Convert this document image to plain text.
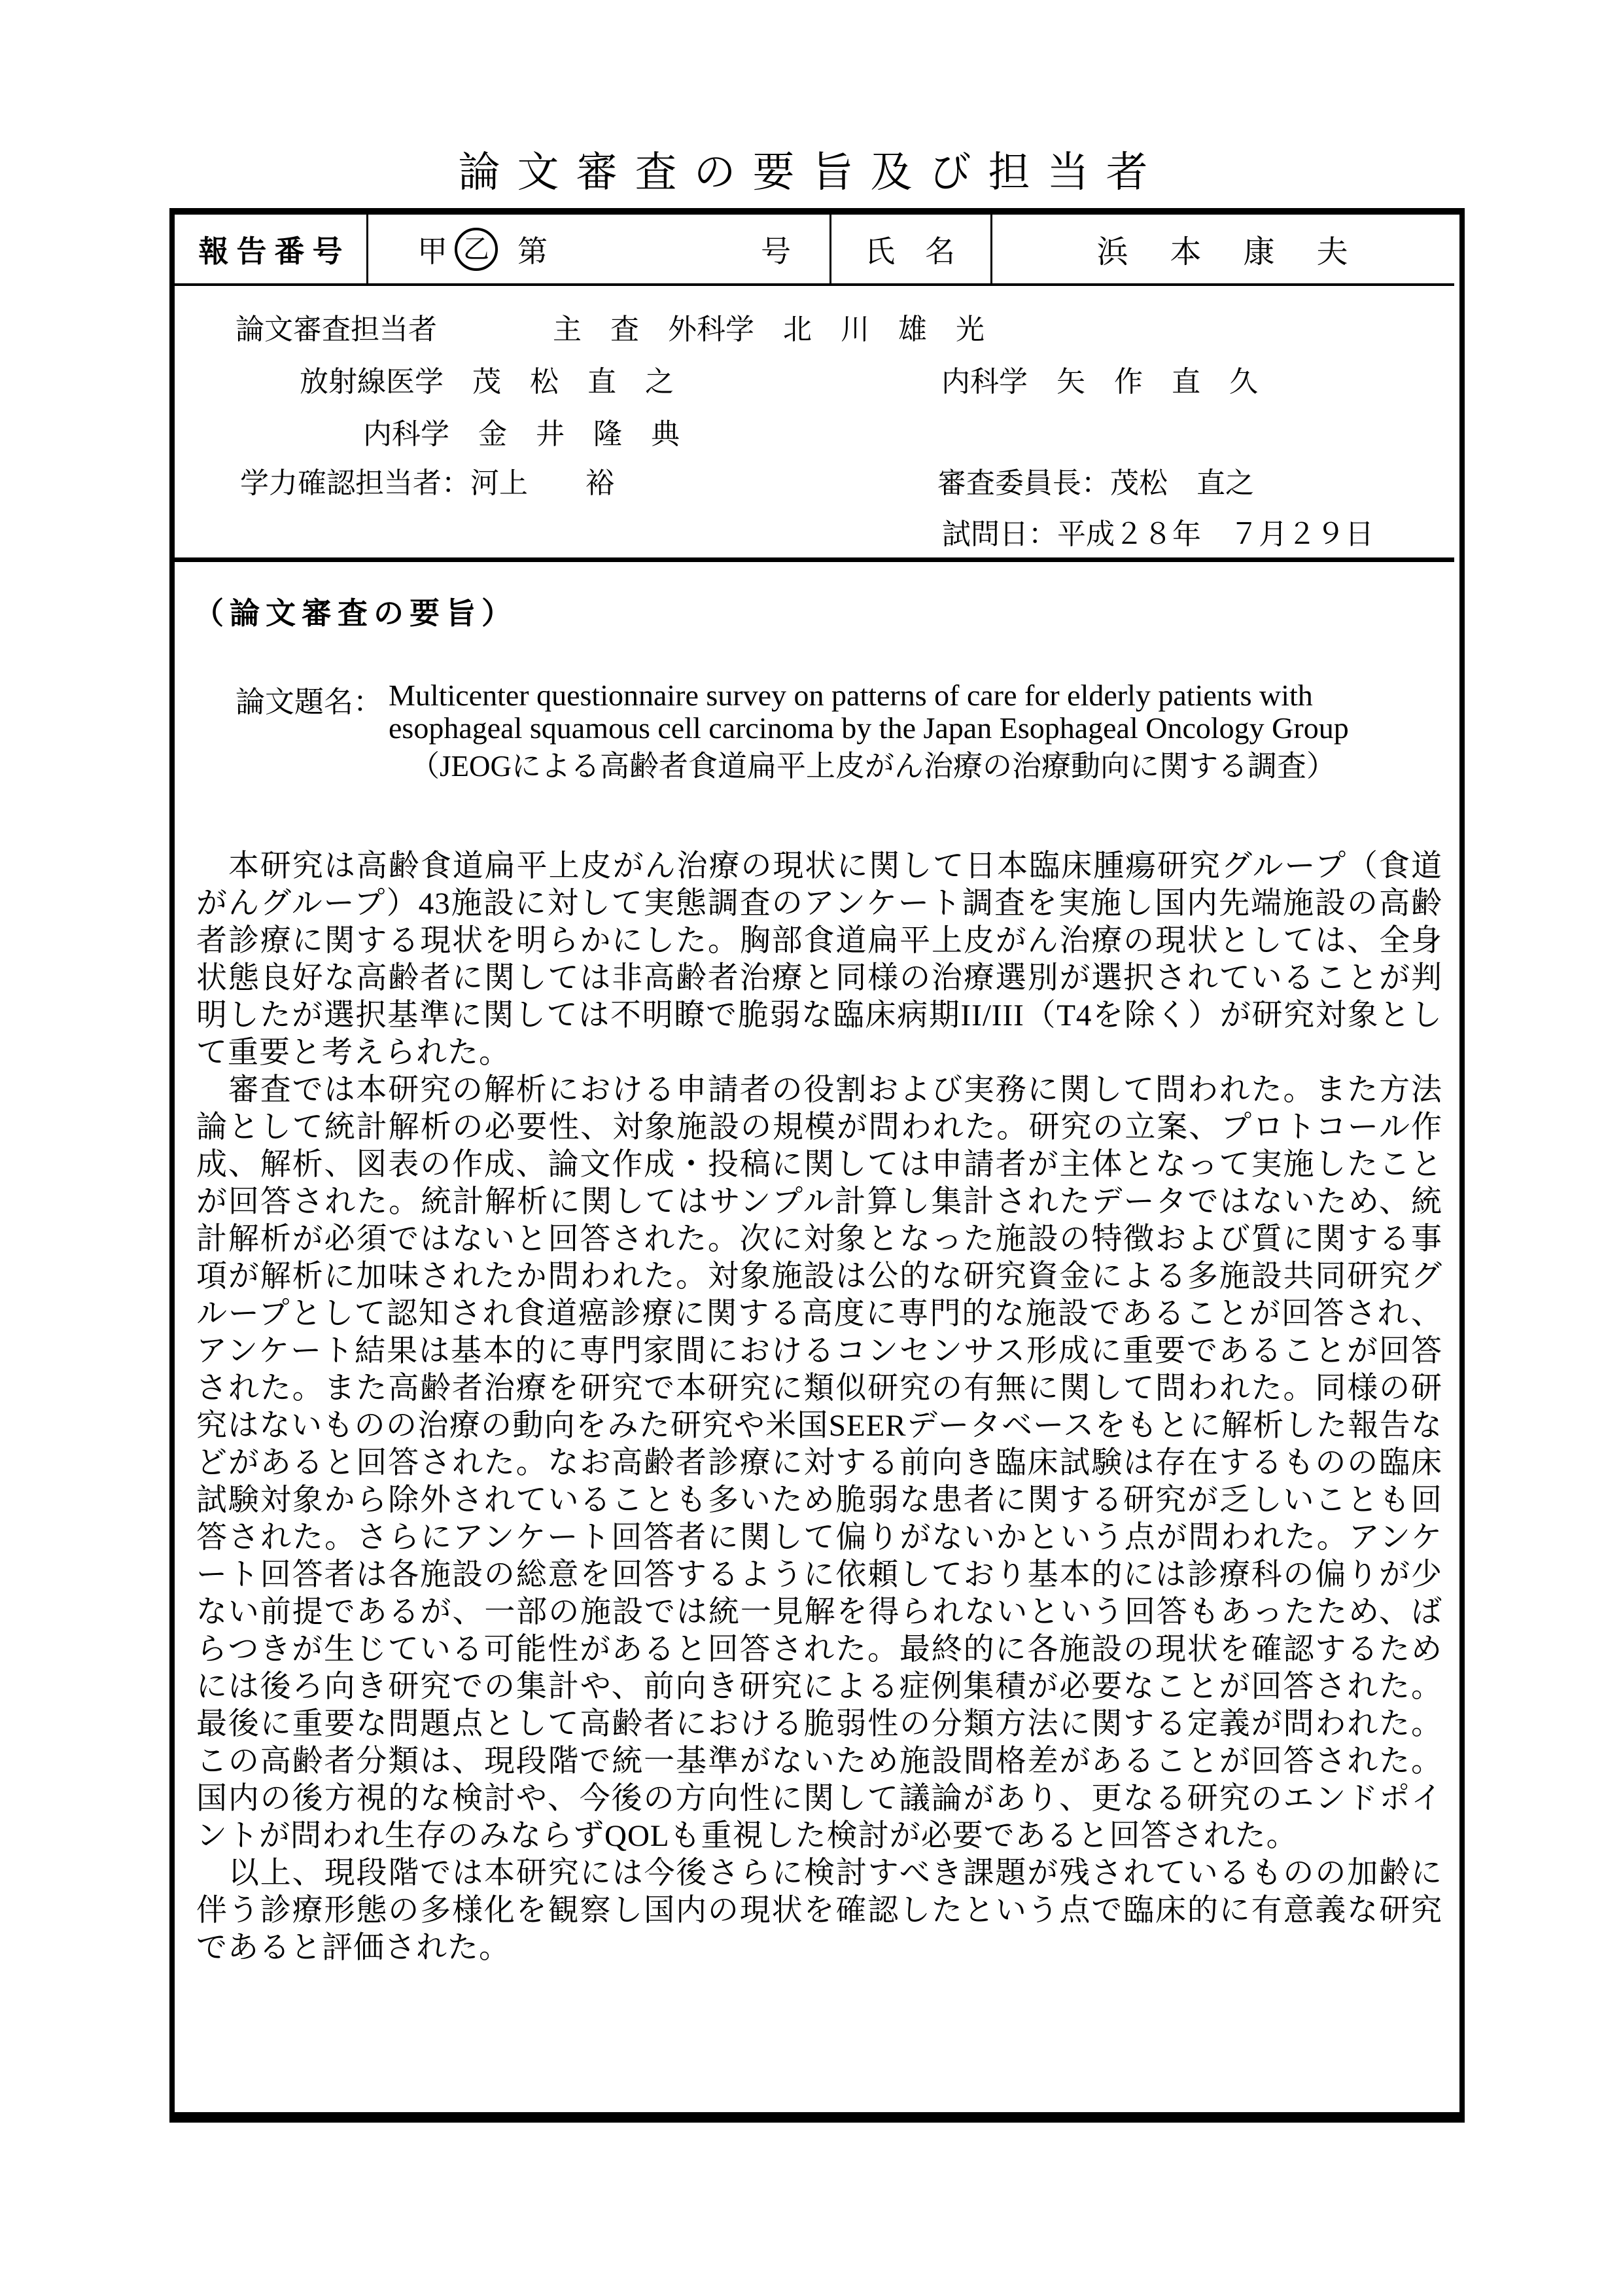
論文審査の要旨及び担当者
報告番号	甲 乙 第	号	氏名	浜本康夫
論文審査担当者	主　査　外科学　北　川　雄　光
放射線医学　茂　松　直　之	内科学　矢　作　直　久
内科学　金　井　隆　典
学力確認担当者：河上　　裕	審査委員長：茂松　直之
試問日：平成２８年　７月２９日
（論文審査の要旨）
論文題名： Multicenter questionnaire survey on patterns of care for elderly patients with
esophageal squamous cell carcinoma by the Japan Esophageal Oncology Group
（JEOGによる高齢者食道扁平上皮がん治療の治療動向に関する調査）

　本研究は高齢食道扁平上皮がん治療の現状に関して日本臨床腫瘍研究グループ（食道がんグループ）43施設に対して実態調査のアンケート調査を実施し国内先端施設の高齢者診療に関する現状を明らかにした。胸部食道扁平上皮がん治療の現状としては、全身状態良好な高齢者に関しては非高齢者治療と同様の治療選別が選択されていることが判明したが選択基準に関しては不明瞭で脆弱な臨床病期II/III（T4を除く）が研究対象として重要と考えられた。

　審査では本研究の解析における申請者の役割および実務に関して問われた。また方法論として統計解析の必要性、対象施設の規模が問われた。研究の立案、プロトコール作成、解析、図表の作成、論文作成・投稿に関しては申請者が主体となって実施したことが回答された。統計解析に関してはサンプル計算し集計されたデータではないため、統計解析が必須ではないと回答された。次に対象となった施設の特徴および質に関する事項が解析に加味されたか問われた。対象施設は公的な研究資金による多施設共同研究グループとして認知され食道癌診療に関する高度に専門的な施設であることが回答され、アンケート結果は基本的に専門家間におけるコンセンサス形成に重要であることが回答された。また高齢者治療を研究で本研究に類似研究の有無に関して問われた。同様の研究はないものの治療の動向をみた研究や米国SEERデータベースをもとに解析した報告などがあると回答された。なお高齢者診療に対する前向き臨床試験は存在するものの臨床試験対象から除外されていることも多いため脆弱な患者に関する研究が乏しいことも回答された。さらにアンケート回答者に関して偏りがないかという点が問われた。アンケート回答者は各施設の総意を回答するように依頼しており基本的には診療科の偏りが少ない前提であるが、一部の施設では統一見解を得られないという回答もあったため、ばらつきが生じている可能性があると回答された。最終的に各施設の現状を確認するためには後ろ向き研究での集計や、前向き研究による症例集積が必要なことが回答された。最後に重要な問題点として高齢者における脆弱性の分類方法に関する定義が問われた。この高齢者分類は、現段階で統一基準がないため施設間格差があることが回答された。国内の後方視的な検討や、今後の方向性に関して議論があり、更なる研究のエンドポイントが問われ生存のみならずQOLも重視した検討が必要であると回答された。

　以上、現段階では本研究には今後さらに検討すべき課題が残されているものの加齢に伴う診療形態の多様化を観察し国内の現状を確認したという点で臨床的に有意義な研究であると評価された。
